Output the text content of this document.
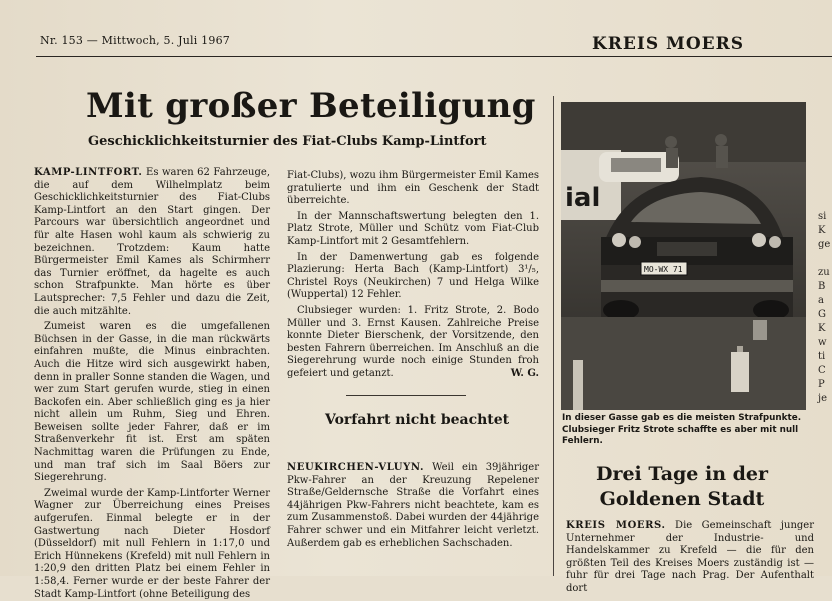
Nr. 153 — Mittwoch, 5. Juli 1967	KREIS MOERS
Mit großer Beteiligung
Geschicklichkeitsturnier des Fiat-Clubs Kamp-Lintfort

KAMP-LINTFORT. Es waren 62 Fahrzeuge, die auf dem Wilhelmplatz beim Geschicklichkeitsturnier des Fiat-Clubs Kamp-Lintfort an den Start gingen. Der Parcours war übersichtlich angeordnet und für alte Hasen wohl kaum als schwierig zu bezeichnen. Trotzdem: Kaum hatte Bürgermeister Emil Kames als Schirmherr das Turnier eröffnet, da hagelte es auch schon Strafpunkte. Man hörte es über Lautsprecher: 7,5 Fehler und dazu die Zeit, die auch mitzählte.

Zumeist waren es die umgefallenen Büchsen in der Gasse, in die man rückwärts einfahren mußte, die Minus einbrachten. Auch die Hitze wird sich ausgewirkt haben, denn in praller Sonne standen die Wagen, und wer zum Start gerufen wurde, stieg in einen Backofen ein. Aber schließlich ging es ja hier nicht allein um Ruhm, Sieg und Ehren. Beweisen sollte jeder Fahrer, daß er im Straßenverkehr fit ist. Erst am späten Nachmittag waren die Prüfungen zu Ende, und man traf sich im Saal Böers zur Siegerehrung.

Zweimal wurde der Kamp-Lintforter Werner Wagner zur Überreichung eines Preises aufgerufen. Einmal belegte er in der Gastwertung nach Dieter Hosdorf (Düsseldorf) mit null Fehlern in 1:17,0 und Erich Hünnekens (Krefeld) mit null Fehlern in 1:20,9 den dritten Platz bei einem Fehler in 1:58,4. Ferner wurde er der beste Fahrer der Stadt Kamp-Lintfort (ohne Beteiligung des

Fiat-Clubs), wozu ihm Bürgermeister Emil Kames gratulierte und ihm ein Geschenk der Stadt überreichte.

In der Mannschaftswertung belegten den 1. Platz Strote, Müller und Schütz vom Fiat-Club Kamp-Lintfort mit 2 Gesamtfehlern.

In der Damenwertung gab es folgende Plazierung: Herta Bach (Kamp-Lintfort) 3¹/₅, Christel Roys (Neukirchen) 7 und Helga Wilke (Wuppertal) 12 Fehler.

Clubsieger wurden: 1. Fritz Strote, 2. Bodo Müller und 3. Ernst Kausen. Zahlreiche Preise konnte Dieter Bierschenk, der Vorsitzende, den besten Fahrern überreichen. Im Anschluß an die Siegerehrung wurde noch einige Stunden froh gefeiert und getanzt.	W. G.

Vorfahrt nicht beachtet

NEUKIRCHEN-VLUYN. Weil ein 39jähriger Pkw-Fahrer an der Kreuzung Repelener Straße/Geldernsche Straße die Vorfahrt eines 44jährigen Pkw-Fahrers nicht beachtete, kam es zum Zusammenstoß. Dabei wurden der 44jährige Fahrer schwer und ein Mitfahrer leicht verletzt. Außerdem gab es erheblichen Sachschaden.

ial
MO-WX 71

In dieser Gasse gab es die meisten Strafpunkte. Clubsieger Fritz Strote schaffte es aber mit null Fehlern.

Drei Tage in der Goldenen Stadt

KREIS MOERS. Die Gemeinschaft junger Unternehmer der Industrie- und Handelskammer zu Krefeld — die für den größten Teil des Kreises Moers zuständig ist — fuhr für drei Tage nach Prag. Der Aufenthalt dort

si
K
ge

zu
B
a
G
K
w
ti
C
P
je
